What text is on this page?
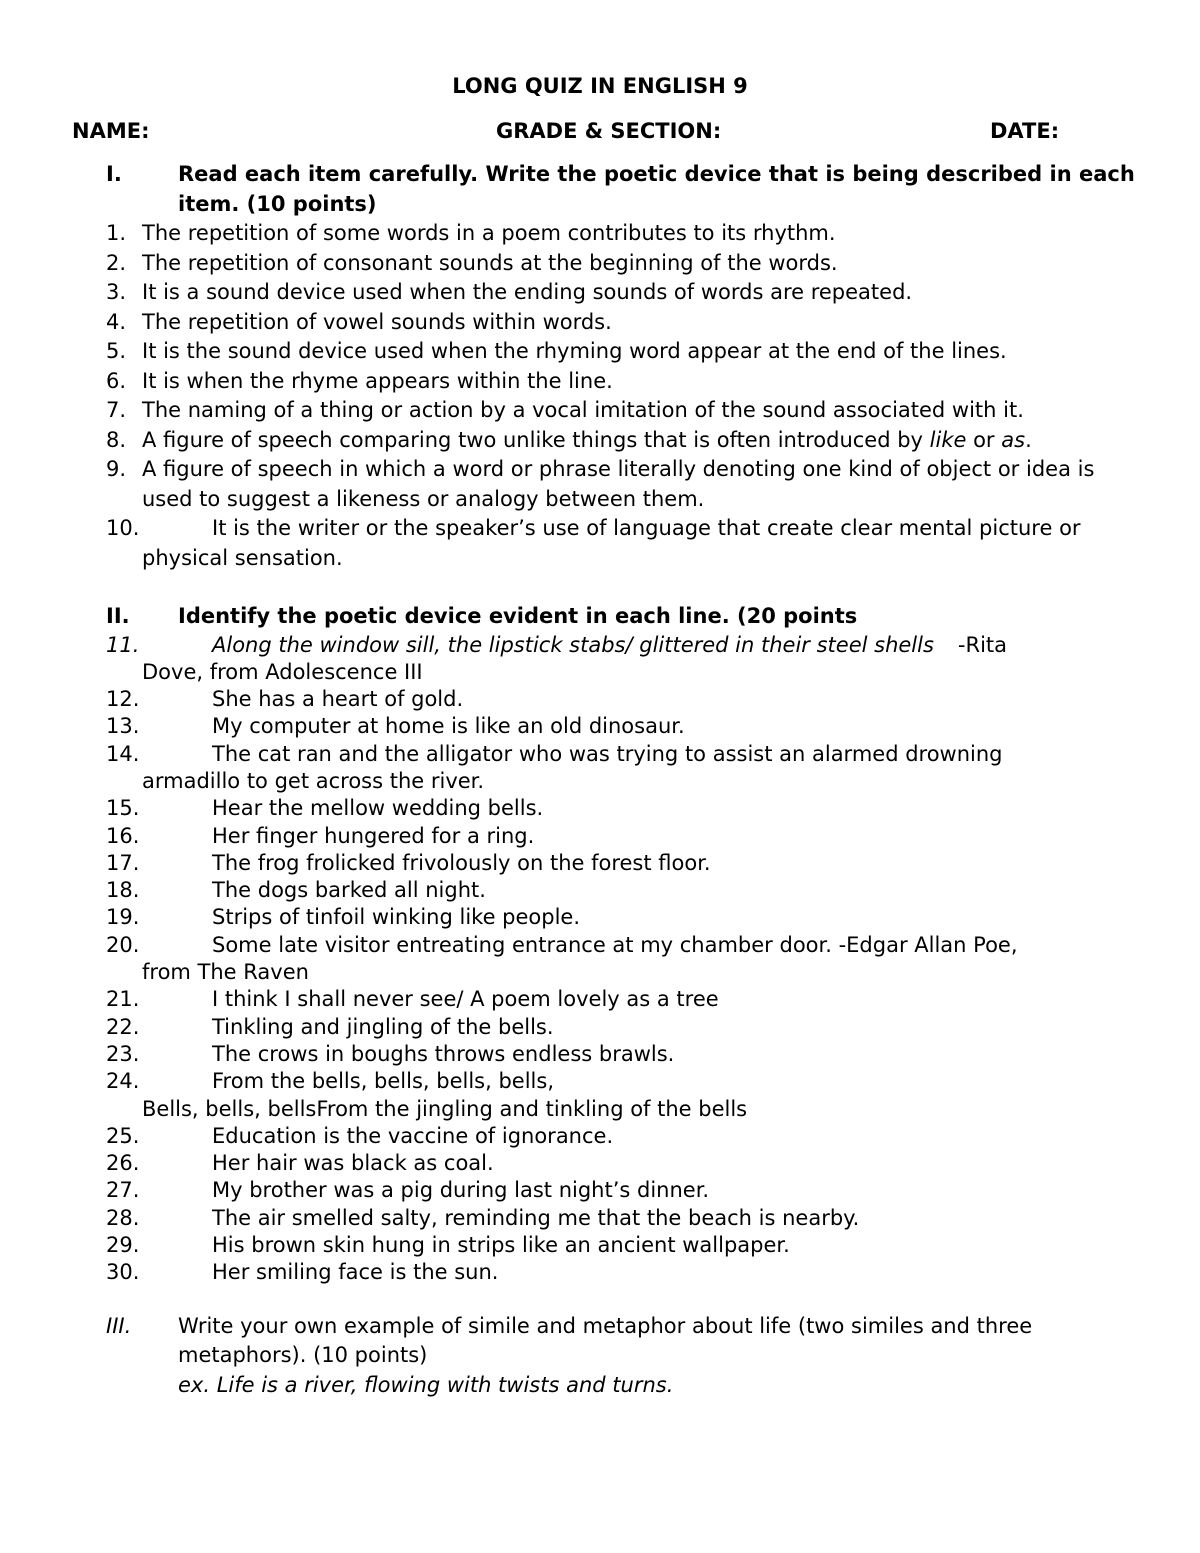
LONG QUIZ IN ENGLISH 9
NAME:	GRADE & SECTION:	DATE:
I.	Read each item carefully. Write the poetic device that is being described in each item. (10 points)
1. The repetition of some words in a poem contributes to its rhythm.
2. The repetition of consonant sounds at the beginning of the words.
3. It is a sound device used when the ending sounds of words are repeated.
4. The repetition of vowel sounds within words.
5. It is the sound device used when the rhyming word appear at the end of the lines.
6. It is when the rhyme appears within the line.
7. The naming of a thing or action by a vocal imitation of the sound associated with it.
8. A figure of speech comparing two unlike things that is often introduced by like or as.
9. A figure of speech in which a word or phrase literally denoting one kind of object or idea is used to suggest a likeness or analogy between them.
10.	It is the writer or the speaker’s use of language that create clear mental picture or physical sensation.
II. Identify the poetic device evident in each line. (20 points
11.	Along the window sill, the lipstick stabs/ glittered in their steel shells -Rita
Dove, from Adolescence III
12.	She has a heart of gold.
13.	My computer at home is like an old dinosaur.
14.	The cat ran and the alligator who was trying to assist an alarmed drowning
armadillo to get across the river.
15.	Hear the mellow wedding bells.
16.	Her finger hungered for a ring.
17.	The frog frolicked frivolously on the forest floor.
18.	The dogs barked all night.
19.	Strips of tinfoil winking like people.
20.	Some late visitor entreating entrance at my chamber door. -Edgar Allan Poe,
from The Raven
21.	I think I shall never see/ A poem lovely as a tree
22.	Tinkling and jingling of the bells.
23.	The crows in boughs throws endless brawls.
24.	From the bells, bells, bells, bells,
Bells, bells, bellsFrom the jingling and tinkling of the bells
25.	Education is the vaccine of ignorance.
26.	Her hair was black as coal.
27.	My brother was a pig during last night’s dinner.
28.	The air smelled salty, reminding me that the beach is nearby.
29.	His brown skin hung in strips like an ancient wallpaper.
30.	Her smiling face is the sun.
III. Write your own example of simile and metaphor about life (two similes and three metaphors). (10 points)
ex. Life is a river, flowing with twists and turns.
